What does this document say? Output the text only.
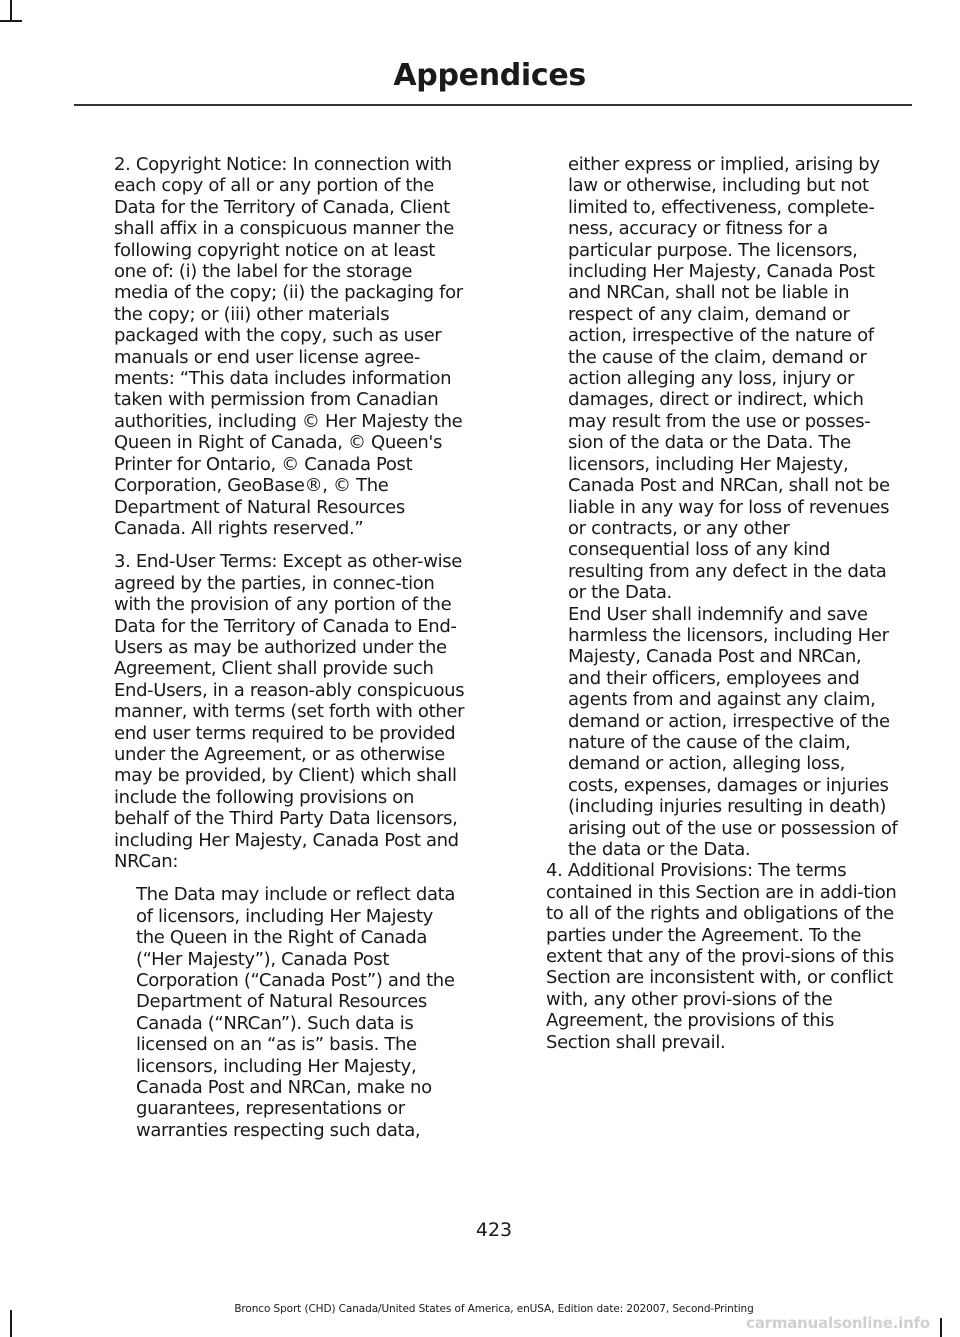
Appendices

2. Copyright Notice: In connection with each copy of all or any portion of the Data for the Territory of Canada, Client shall affix in a conspicuous manner the following copyright notice on at least one of: (i) the label for the storage media of the copy; (ii) the packaging for the copy; or (iii) other materials packaged with the copy, such as user manuals or end user license agree-ments: “This data includes information taken with permission from Canadian authorities, including © Her Majesty the Queen in Right of Canada, © Queen's Printer for Ontario, © Canada Post Corporation, GeoBase®, © The Department of Natural Resources Canada. All rights reserved.”

3. End-User Terms: Except as other-wise agreed by the parties, in connec-tion with the provision of any portion of the Data for the Territory of Canada to End-Users as may be authorized under the Agreement, Client shall provide such End-Users, in a reason-ably conspicuous manner, with terms (set forth with other end user terms required to be provided under the Agreement, or as otherwise may be provided, by Client) which shall include the following provisions on behalf of the Third Party Data licensors, including Her Majesty, Canada Post and NRCan:

The Data may include or reflect data of licensors, including Her Majesty the Queen in the Right of Canada (“Her Majesty”), Canada Post Corporation (“Canada Post”) and the Department of Natural Resources Canada (“NRCan”). Such data is licensed on an “as is” basis. The licensors, including Her Majesty, Canada Post and NRCan, make no guarantees, representations or warranties respecting such data,

either express or implied, arising by law or otherwise, including but not limited to, effectiveness, complete-ness, accuracy or fitness for a particular purpose. The licensors, including Her Majesty, Canada Post and NRCan, shall not be liable in respect of any claim, demand or action, irrespective of the nature of the cause of the claim, demand or action alleging any loss, injury or damages, direct or indirect, which may result from the use or posses-sion of the data or the Data. The licensors, including Her Majesty, Canada Post and NRCan, shall not be liable in any way for loss of revenues or contracts, or any other consequential loss of any kind resulting from any defect in the data or the Data.

End User shall indemnify and save harmless the licensors, including Her Majesty, Canada Post and NRCan, and their officers, employees and agents from and against any claim, demand or action, irrespective of the nature of the cause of the claim, demand or action, alleging loss, costs, expenses, damages or injuries (including injuries resulting in death) arising out of the use or possession of the data or the Data.

4. Additional Provisions: The terms contained in this Section are in addi-tion to all of the rights and obligations of the parties under the Agreement. To the extent that any of the provi-sions of this Section are inconsistent with, or conflict with, any other provi-sions of the Agreement, the provisions of this Section shall prevail.

423
Bronco Sport (CHD) Canada/United States of America, enUSA, Edition date: 202007, Second-Printing
carmanualsonline.info
